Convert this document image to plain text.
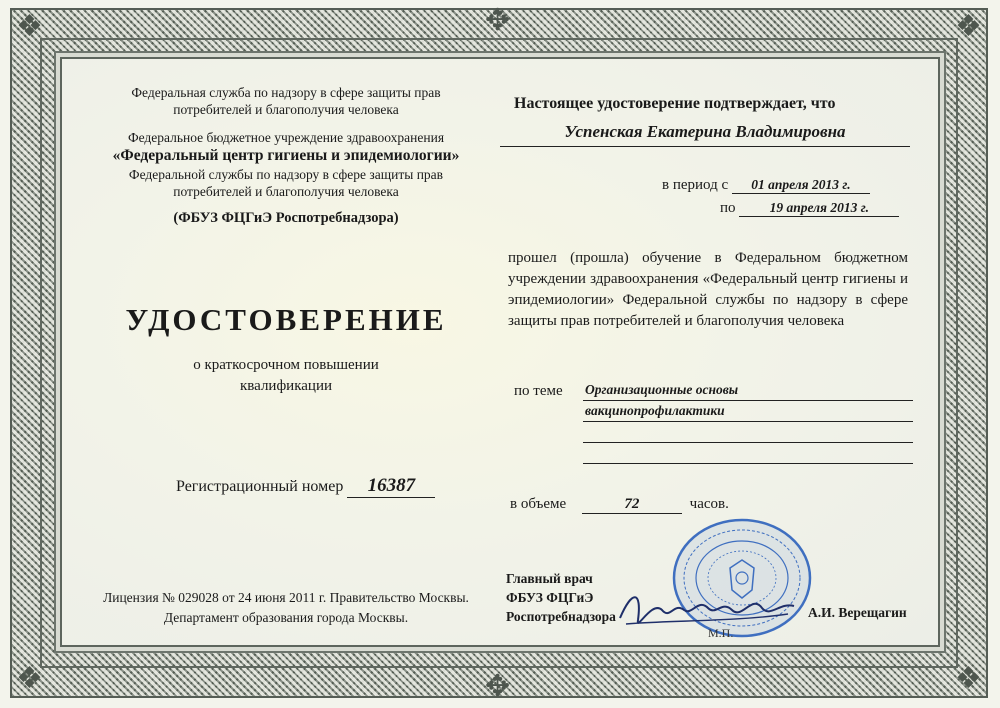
❖	❖
❖	❖
✥
✥

Федеральная служба по надзору в сфере защиты прав

потребителей и благополучия человека

Федеральное бюджетное учреждение здравоохранения

«Федеральный центр гигиены и эпидемиологии»

Федеральной службы по надзору в сфере защиты прав

потребителей и благополучия человека

(ФБУЗ ФЦГиЭ Роспотребнадзора)

УДОСТОВЕРЕНИЕ
о краткосрочном повышении
квалификации
Регистрационный номер 16387
Лицензия № 029028 от 24 июня 2011 г. Правительство Москвы.
Департамент образования города Москвы.
Настоящее удостоверение подтверждает, что
Успенская Екатерина Владимировна
в период с 01 апреля 2013 г.
по	19 апреля 2013 г.
прошел (прошла) обучение в Федеральном бюджетном учреждении здравоохранения «Федеральный центр гигиены и эпидемиологии» Федеральной службы по надзору в сфере защиты прав потребителей и благополучия человека
по теме Организационные основы
вакцинопрофилактики
в объеме	72	часов.
Главный врач
ФБУЗ ФЦГиЭ
Роспотребнадзора	А.И. Верещагин
М.П.
